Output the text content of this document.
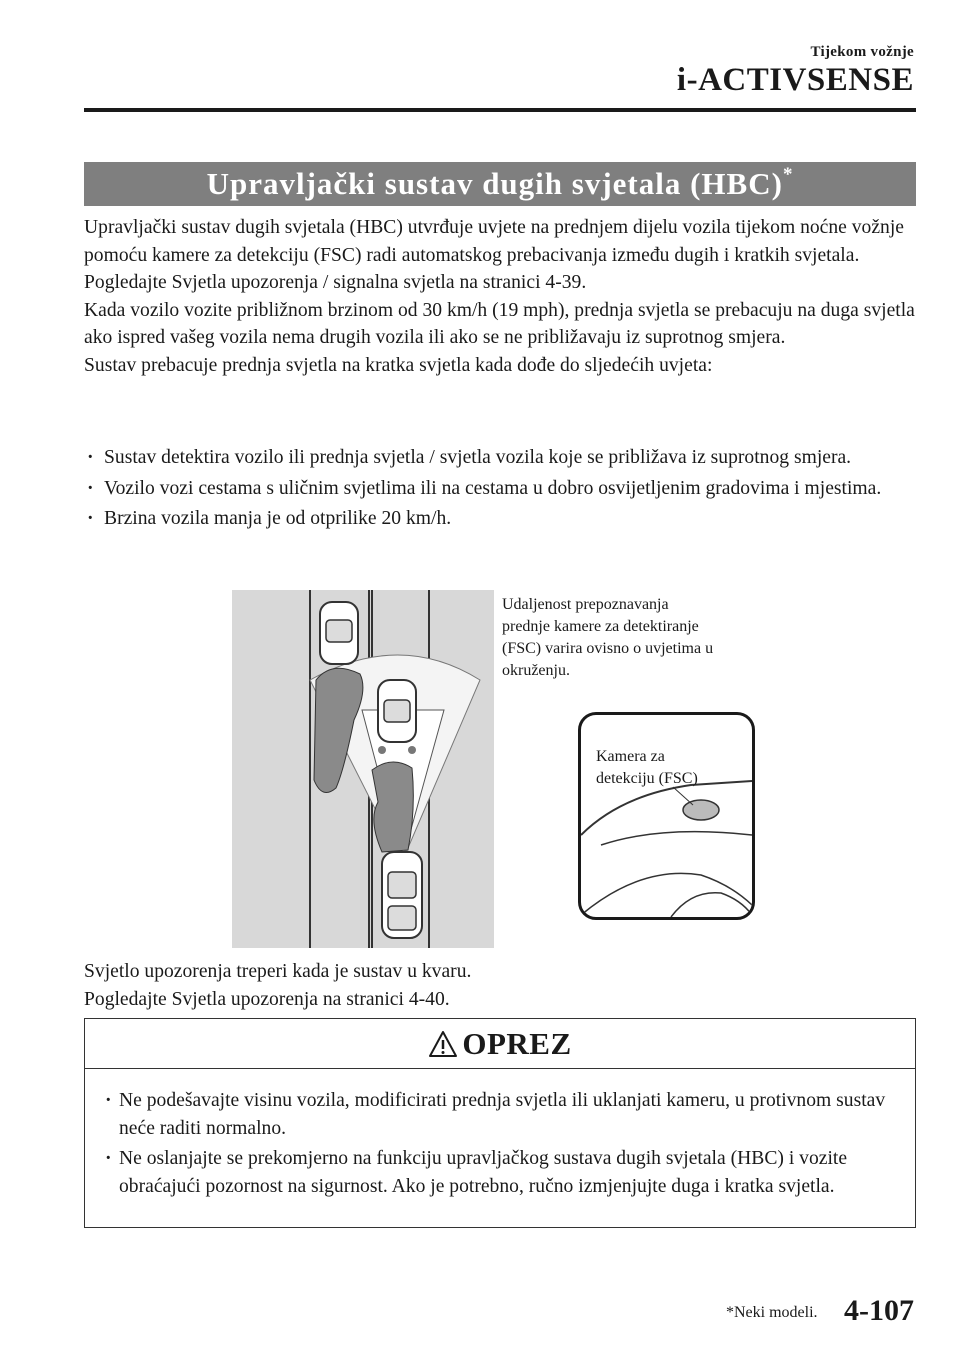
Tijekom vožnje
i-ACTIVSENSE
Upravljački sustav dugih svjetala (HBC)*

Upravljački sustav dugih svjetala (HBC) utvrđuje uvjete na prednjem dijelu vozila tijekom noćne vožnje pomoću kamere za detekciju (FSC) radi automatskog prebacivanja između dugih i kratkih svjetala.

Pogledajte Svjetla upozorenja / signalna svjetla na stranici 4-39.

Kada vozilo vozite približnom brzinom od 30 km/h (19 mph), prednja svjetla se prebacuju na duga svjetla ako ispred vašeg vozila nema drugih vozila ili ako se ne približavaju iz suprotnog smjera.

Sustav prebacuje prednja svjetla na kratka svjetla kada dođe do sljedećih uvjeta:

· Sustav detektira vozilo ili prednja svjetla / svjetla vozila koje se približava iz suprotnog smjera.
· Vozilo vozi cestama s uličnim svjetlima ili na cestama u dobro osvijetljenim gradovima i mjestima.
· Brzina vozila manja je od otprilike 20 km/h.
Udaljenost prepoznavanja
prednje kamere za detektiranje
(FSC) varira ovisno o uvjetima u
okruženju.
Kamera za
detekciju (FSC)

Svjetlo upozorenja treperi kada je sustav u kvaru.

Pogledajte Svjetla upozorenja na stranici 4-40.

OPREZ
· Ne podešavajte visinu vozila, modificirati prednja svjetla ili uklanjati kameru, u protivnom sustav neće raditi normalno.
· Ne oslanjajte se prekomjerno na funkciju upravljačkog sustava dugih svjetala (HBC) i vozite obraćajući pozornost na sigurnost. Ako je potrebno, ručno izmjenjujte duga i kratka svjetla.
*Neki modeli. 4-107
